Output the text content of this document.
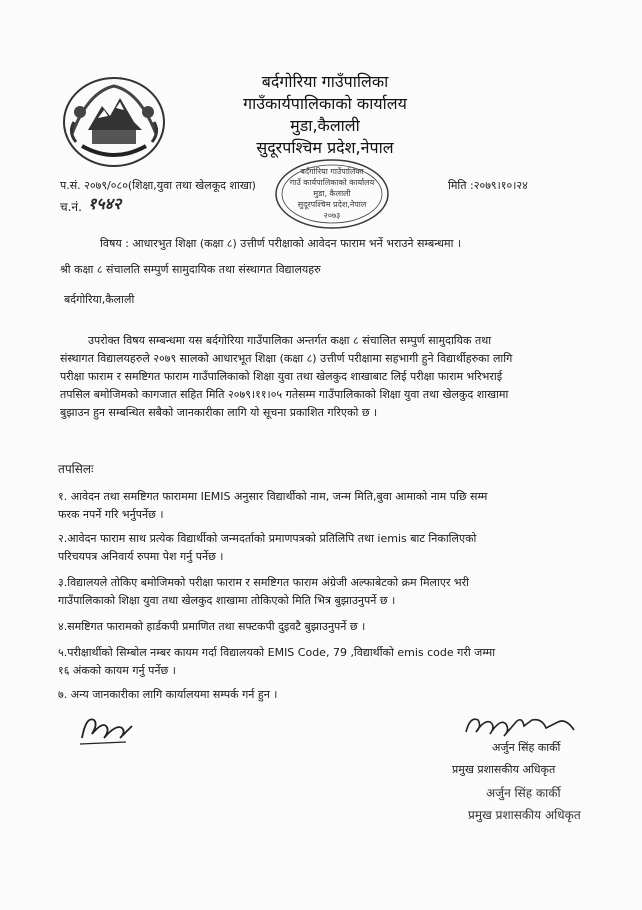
बर्दगोरिया गाउँपालिका
गाउँकार्यपालिकाको कार्यालय
मुडा,कैलाली
सुदूरपश्चिम प्रदेश,नेपाल
प.सं. २०७९/०८०(शिक्षा,युवा तथा खेलकूद शाखा)	मिति :२०७९।१०।२४
च.नं. १५४२
बर्दगोरिया गाउँपालिका
गाउँ कार्यपालिकाको कार्यालय
मुडा, कैलाली
सुदूरपश्चिम प्रदेश,नेपाल
२०७३
विषय : आधारभुत शिक्षा (कक्षा ८) उत्तीर्ण परीक्षाको आवेदन फाराम भर्ने भराउने सम्बन्धमा ।
श्री कक्षा ८ संचालति सम्पुर्ण सामुदायिक तथा संस्थागत विद्यालयहरु
बर्दगोरिया,कैलाली
उपरोक्त विषय सम्बन्धमा यस बर्दगोरिया गाउँपालिका अन्तर्गत कक्षा ८ संचालित सम्पुर्ण सामुदायिक तथा
संस्थागत विद्यालयहरुले २०७९ सालको आधारभूत शिक्षा (कक्षा ८) उत्तीर्ण परीक्षामा सहभागी हुने विद्यार्थीहरुका लागि
परीक्षा फाराम र समष्टिगत फाराम गाउँपालिकाको शिक्षा युवा तथा खेलकुद शाखाबाट लिई परीक्षा फाराम भरिभराई
तपसिल बमोजिमको कागजात सहित मिति २०७९।११।०५ गतेसम्म गाउँपालिकाको शिक्षा युवा तथा खेलकुद शाखामा
बुझाउन हुन सम्बन्धित सबैको जानकारीका लागि यो सूचना प्रकाशित गरिएको छ ।
तपसिलः
१. आवेदन तथा समष्टिगत फाराममा IEMIS अनुसार विद्यार्थीको नाम, जन्म मिति,बुवा आमाको नाम पछि सम्म
फरक नपर्ने गरि भर्नुपर्नेछ ।
२.आवेदन फाराम साथ प्रत्येक विद्यार्थीको जन्मदर्ताको प्रमाणपत्रको प्रतिलिपि तथा iemis बाट निकालिएको
परिचयपत्र अनिवार्य रुपमा पेश गर्नु पर्नेछ ।
३.विद्यालयले तोकिए बमोजिमको परीक्षा फाराम र समष्टिगत फाराम अंग्रेजी अल्फाबेटको क्रम मिलाएर भरी
गाउँपालिकाको शिक्षा युवा तथा खेलकुद शाखामा तोकिएको मिति भित्र बुझाउनुपर्ने छ ।
४.समष्टिगत फारामको हार्डकपी प्रमाणित तथा सफ्टकपी दुइवटै बुझाउनुपर्ने छ ।
५.परीक्षार्थीको सिम्बोल नम्बर कायम गर्दा विद्यालयको EMIS Code, 79 ,विद्यार्थीको emis code गरी जम्मा
१६ अंकको कायम गर्नु पर्नेछ ।
७. अन्य जानकारीका लागि कार्यालयमा सम्पर्क गर्न हुन ।
अर्जुन सिंह कार्की
प्रमुख प्रशासकीय अधिकृत
अर्जुन सिंह कार्की
प्रमुख प्रशासकीय अधिकृत
